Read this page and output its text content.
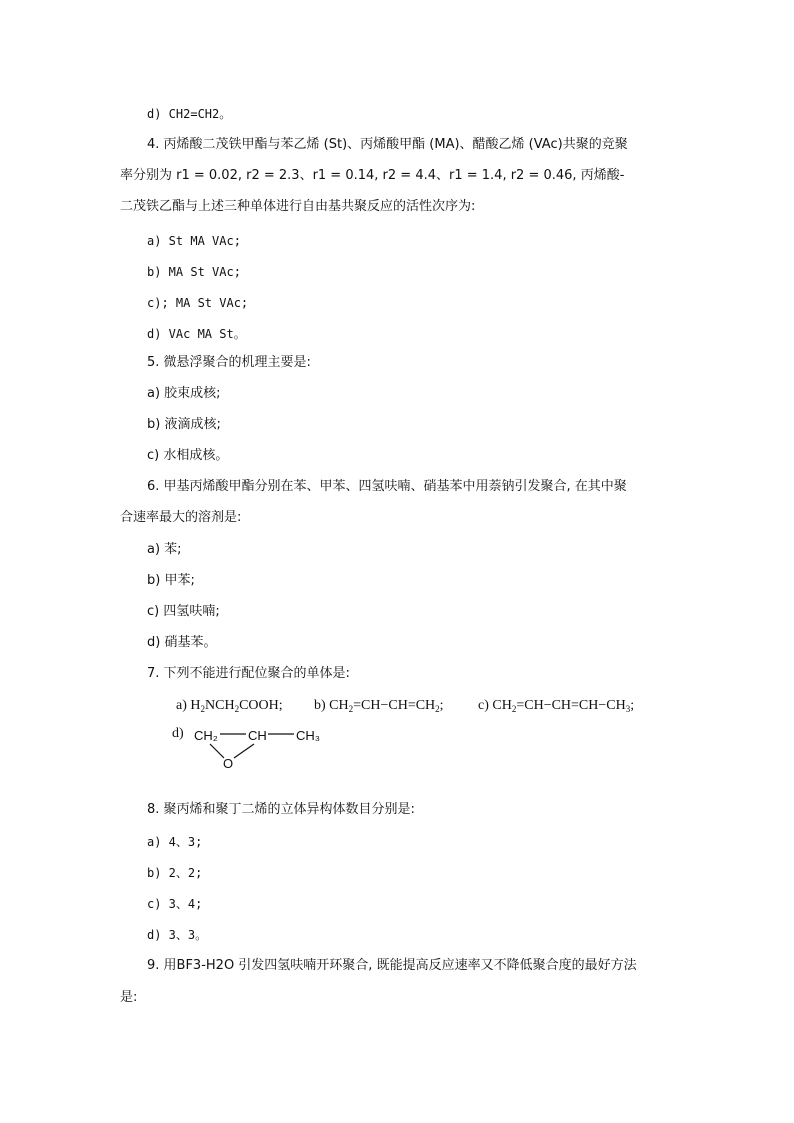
d) CH2=CH2。
4. 丙烯酸二茂铁甲酯与苯乙烯 (St)、丙烯酸甲酯 (MA)、醋酸乙烯 (VAc)共聚的竞聚
率分别为 r1 = 0.02, r2 = 2.3、r1 = 0.14, r2 = 4.4、r1 = 1.4, r2 = 0.46, 丙烯酸-
二茂铁乙酯与上述三种单体进行自由基共聚反应的活性次序为:
a) St MA VAc;
b) MA St VAc;
c); MA St VAc;
d) VAc MA St。
5. 微悬浮聚合的机理主要是:
a) 胶束成核;
b) 液滴成核;
c) 水相成核。
6. 甲基丙烯酸甲酯分别在苯、甲苯、四氢呋喃、硝基苯中用萘钠引发聚合, 在其中聚
合速率最大的溶剂是:
a) 苯;
b) 甲苯;
c) 四氢呋喃;
d) 硝基苯。
7. 下列不能进行配位聚合的单体是:
a) $H_2NCH_2COOH$; b) $CH_2=CH-CH=CH_2$; c) $CH_2=CH-CH=CH-CH_3$;
d) CH₂ CH CH₃
O
8. 聚丙烯和聚丁二烯的立体异构体数目分别是:
a) 4、3;
b) 2、2;
c) 3、4;
d) 3、3。
9. 用BF3-H2O 引发四氢呋喃开环聚合, 既能提高反应速率又不降低聚合度的最好方法
是:
